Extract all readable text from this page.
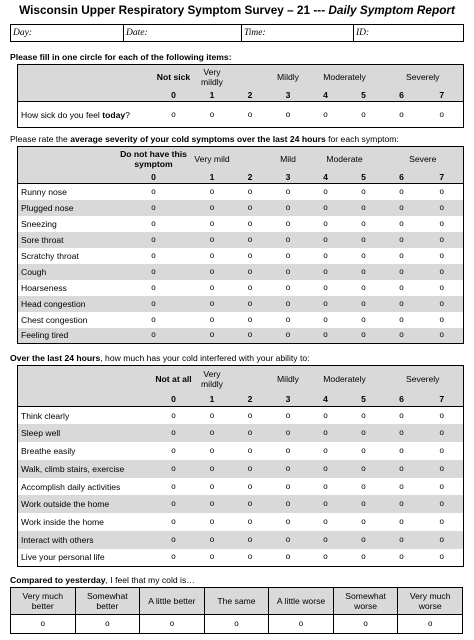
Wisconsin Upper Respiratory Symptom Survey – 21 --- Daily Symptom Report
Day:	Date:	Time:	ID:
Please fill in one circle for each of the following items:
	Not sick	Very mildly		Mildly	Moderately		Severely	
	0	1	2	3	4	5	6	7
How sick do you feel today?	o	o	o	o	o	o	o	o
Please rate the average severity of your cold symptoms over the last 24 hours for each symptom:
	Do not have this symptom	Very mild		Mild	Moderate		Severe	
	0	1	2	3	4	5	6	7
Runny nose	o	o	o	o	o	o	o	o
Plugged nose	o	o	o	o	o	o	o	o
Sneezing	o	o	o	o	o	o	o	o
Sore throat	o	o	o	o	o	o	o	o
Scratchy throat	o	o	o	o	o	o	o	o
Cough	o	o	o	o	o	o	o	o
Hoarseness	o	o	o	o	o	o	o	o
Head congestion	o	o	o	o	o	o	o	o
Chest congestion	o	o	o	o	o	o	o	o
Feeling tired	o	o	o	o	o	o	o	o
Over the last 24 hours, how much has your cold interfered with your ability to:
	Not at all	Very mildly		Mildly	Moderately		Severely	
	0	1	2	3	4	5	6	7
Think clearly	o	o	o	o	o	o	o	o
Sleep well	o	o	o	o	o	o	o	o
Breathe easily	o	o	o	o	o	o	o	o
Walk, climb stairs, exercise	o	o	o	o	o	o	o	o
Accomplish daily activities	o	o	o	o	o	o	o	o
Work outside the home	o	o	o	o	o	o	o	o
Work inside the home	o	o	o	o	o	o	o	o
Interact with others	o	o	o	o	o	o	o	o
Live your personal life	o	o	o	o	o	o	o	o
Compared to yesterday, I feel that my cold is…
Very much better	Somewhat better	A little better	The same	A little worse	Somewhat worse	Very much worse
o	o	o	o	o	o	o
